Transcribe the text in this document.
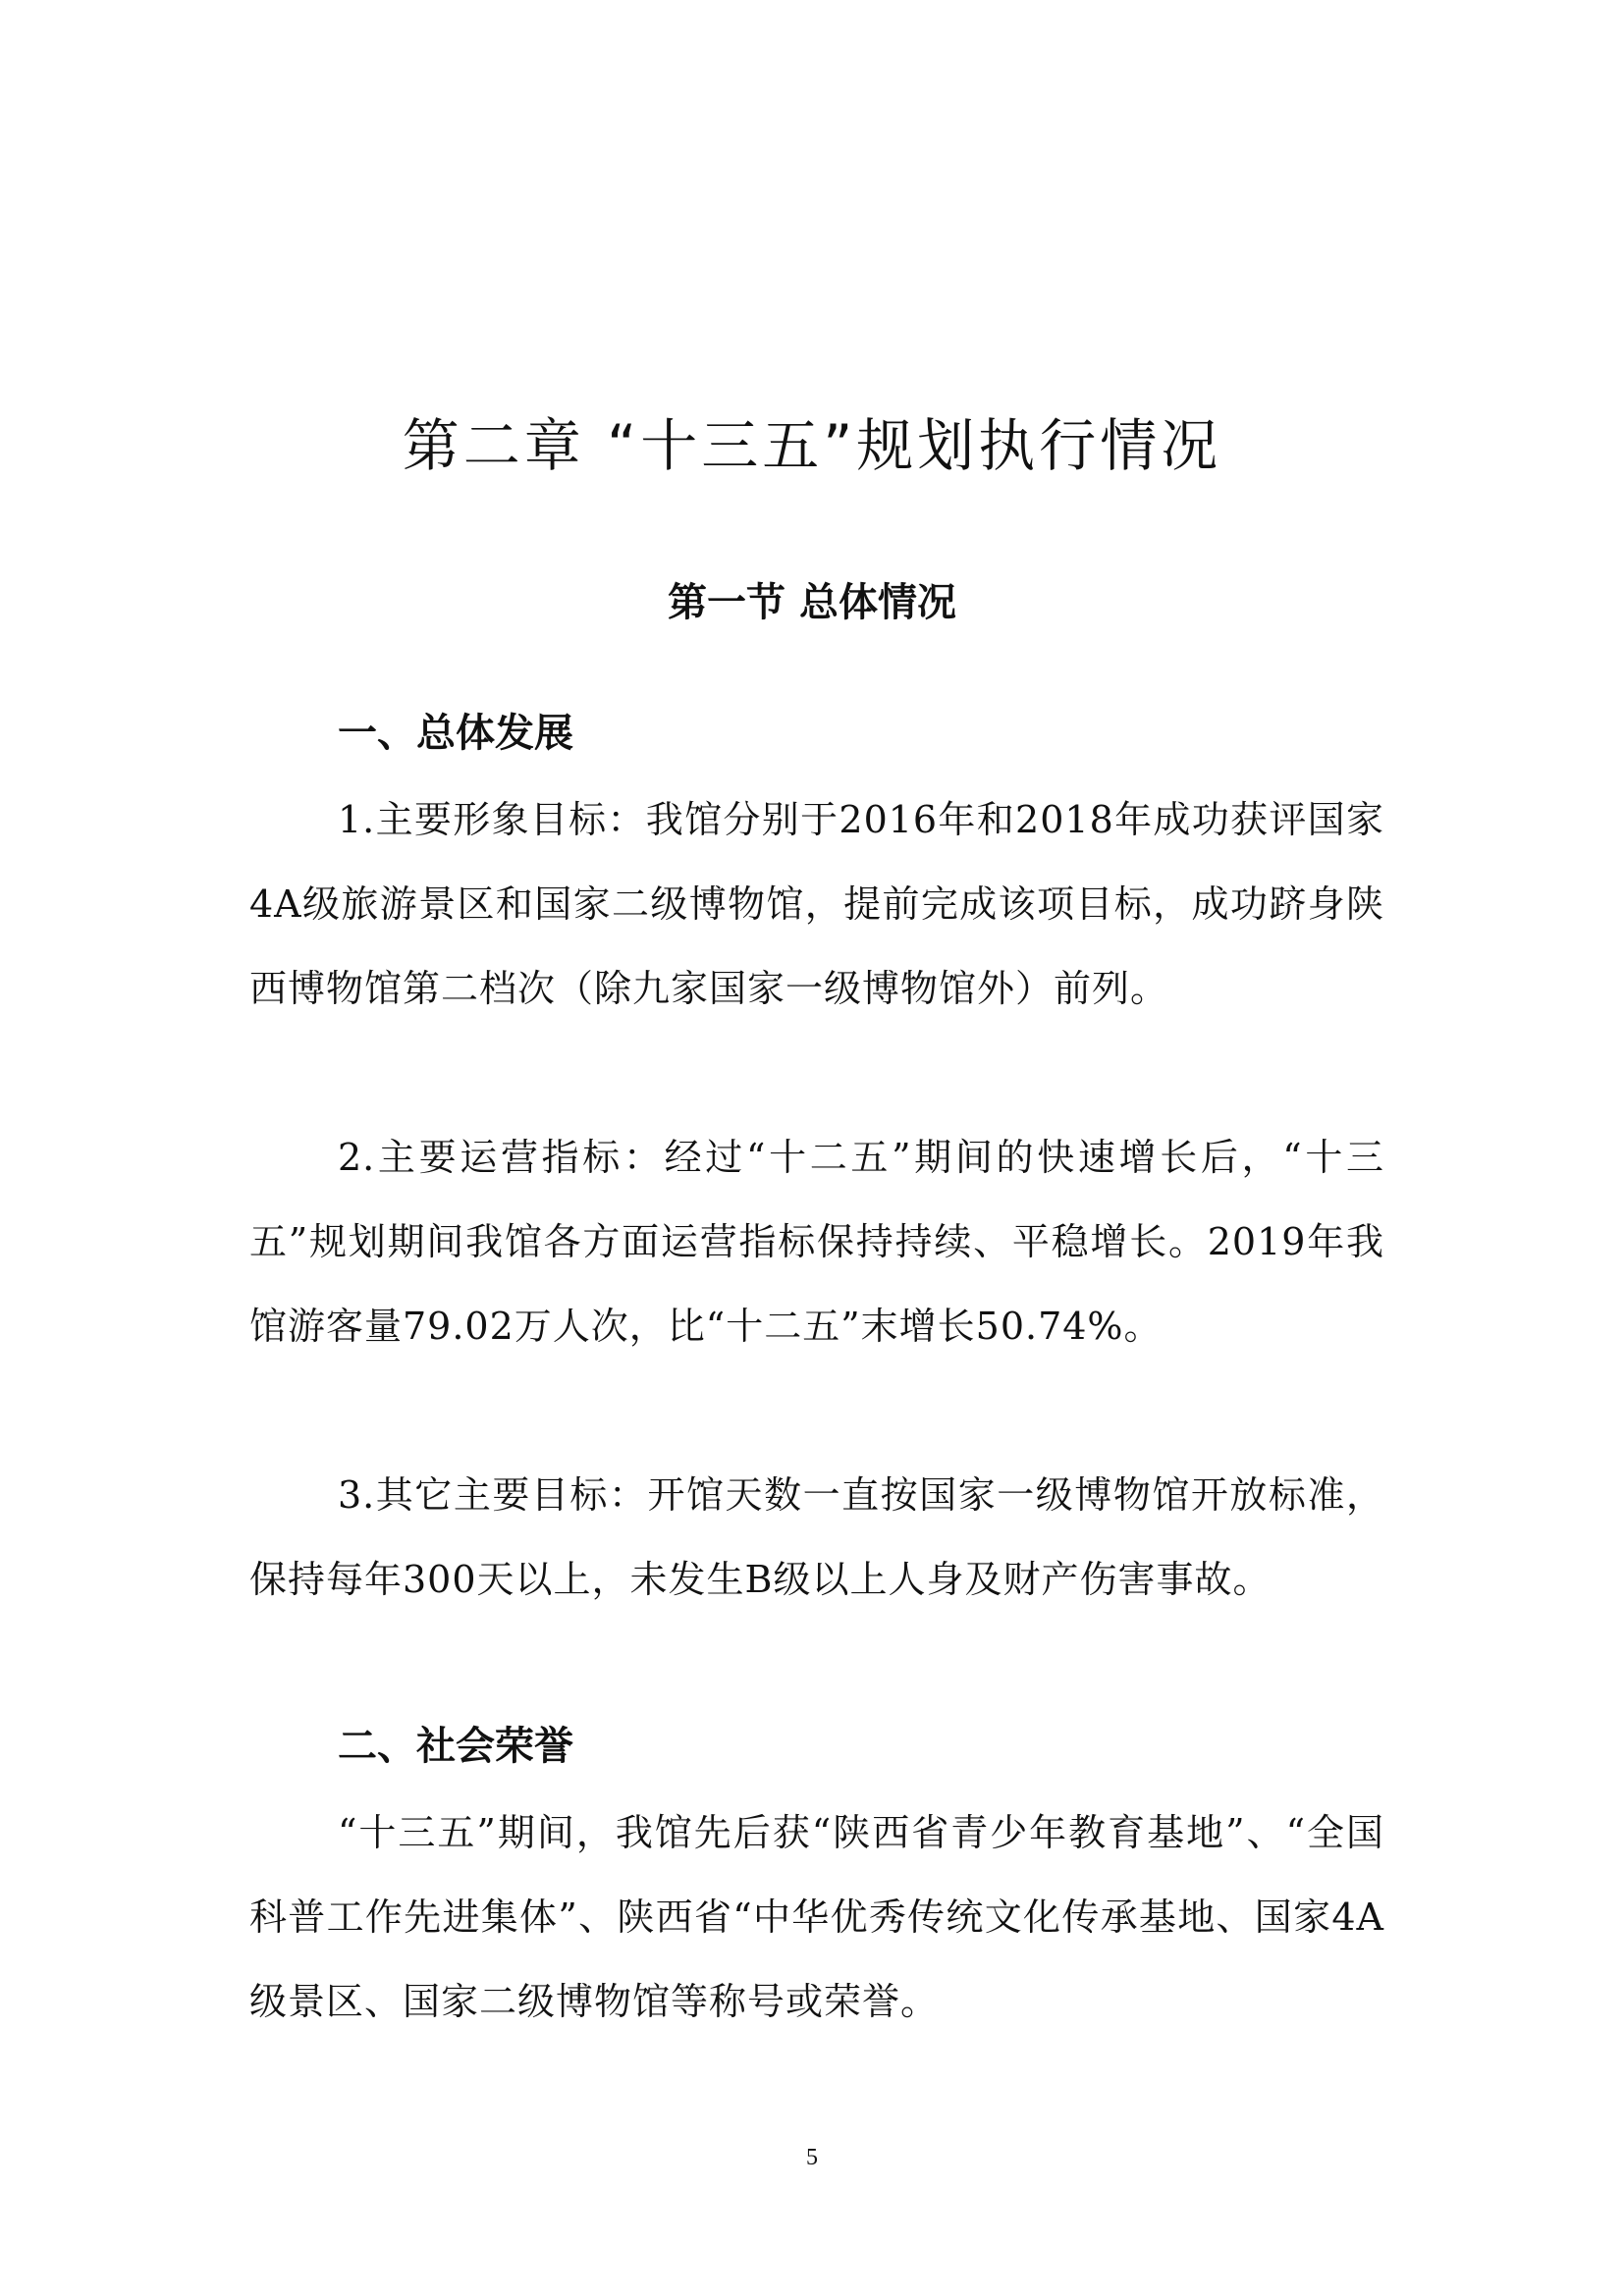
第二章 “十三五”规划执行情况
第一节 总体情况
一、总体发展

1.主要形象目标：我馆分别于2016年和2018年成功获评国家4A级旅游景区和国家二级博物馆，提前完成该项目标，成功跻身陕西博物馆第二档次（除九家国家一级博物馆外）前列。

2.主要运营指标：经过“十二五”期间的快速增长后，“十三五”规划期间我馆各方面运营指标保持持续、平稳增长。2019年我馆游客量79.02万人次，比“十二五”末增长50.74%。

3.其它主要目标：开馆天数一直按国家一级博物馆开放标准，保持每年300天以上，未发生B级以上人身及财产伤害事故。

二、社会荣誉

“十三五”期间，我馆先后获“陕西省青少年教育基地”、“全国科普工作先进集体”、陕西省“中华优秀传统文化传承基地、国家4A级景区、国家二级博物馆等称号或荣誉。

5
